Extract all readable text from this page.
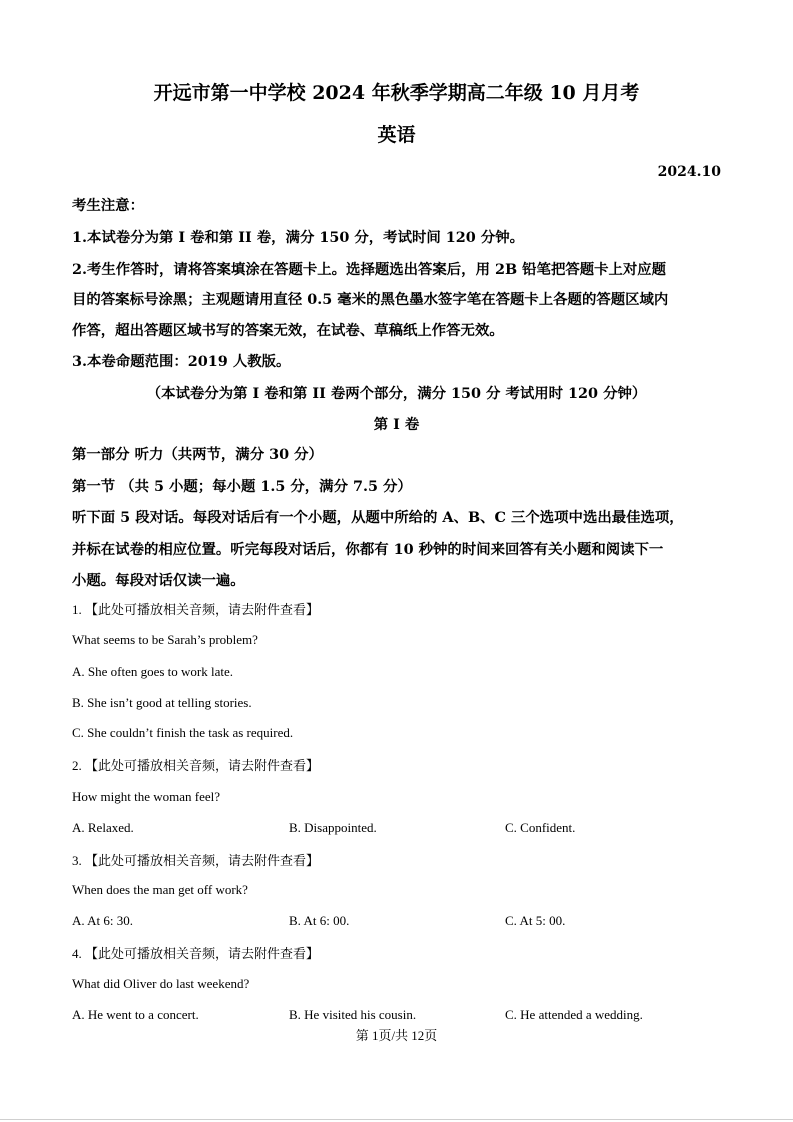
开远市第一中学校 2024 年秋季学期高二年级 10 月月考

英语

2024.10

考生注意：

1.本试卷分为第 I 卷和第 II 卷，满分 150 分，考试时间 120 分钟。

2.考生作答时，请将答案填涂在答题卡上。选择题选出答案后，用 2B 铅笔把答题卡上对应题

目的答案标号涂黑；主观题请用直径 0.5 毫米的黑色墨水签字笔在答题卡上各题的答题区域内

作答，超出答题区域书写的答案无效，在试卷、草稿纸上作答无效。

3.本卷命题范围：2019 人教版。

（本试卷分为第 I 卷和第 II 卷两个部分，满分 150 分 考试用时 120 分钟）

第 I 卷

第一部分 听力（共两节，满分 30 分）

第一节 （共 5 小题；每小题 1.5 分，满分 7.5 分）

听下面 5 段对话。每段对话后有一个小题，从题中所给的 A、B、C 三个选项中选出最佳选项，

并标在试卷的相应位置。听完每段对话后，你都有 10 秒钟的时间来回答有关小题和阅读下一

小题。每段对话仅读一遍。

1. 【此处可播放相关音频，请去附件查看】

What seems to be Sarah’s problem?

A. She often goes to work late.

B. She isn’t good at telling stories.

C. She couldn’t finish the task as required.

2. 【此处可播放相关音频，请去附件查看】

How might the woman feel?

A. Relaxed.	B. Disappointed.	C. Confident.

3. 【此处可播放相关音频，请去附件查看】

When does the man get off work?

A. At 6: 30.	B. At 6: 00.	C. At 5: 00.

4. 【此处可播放相关音频，请去附件查看】

What did Oliver do last weekend?

A. He went to a concert.	B. He visited his cousin.	C. He attended a wedding.

第 1页/共 12页
